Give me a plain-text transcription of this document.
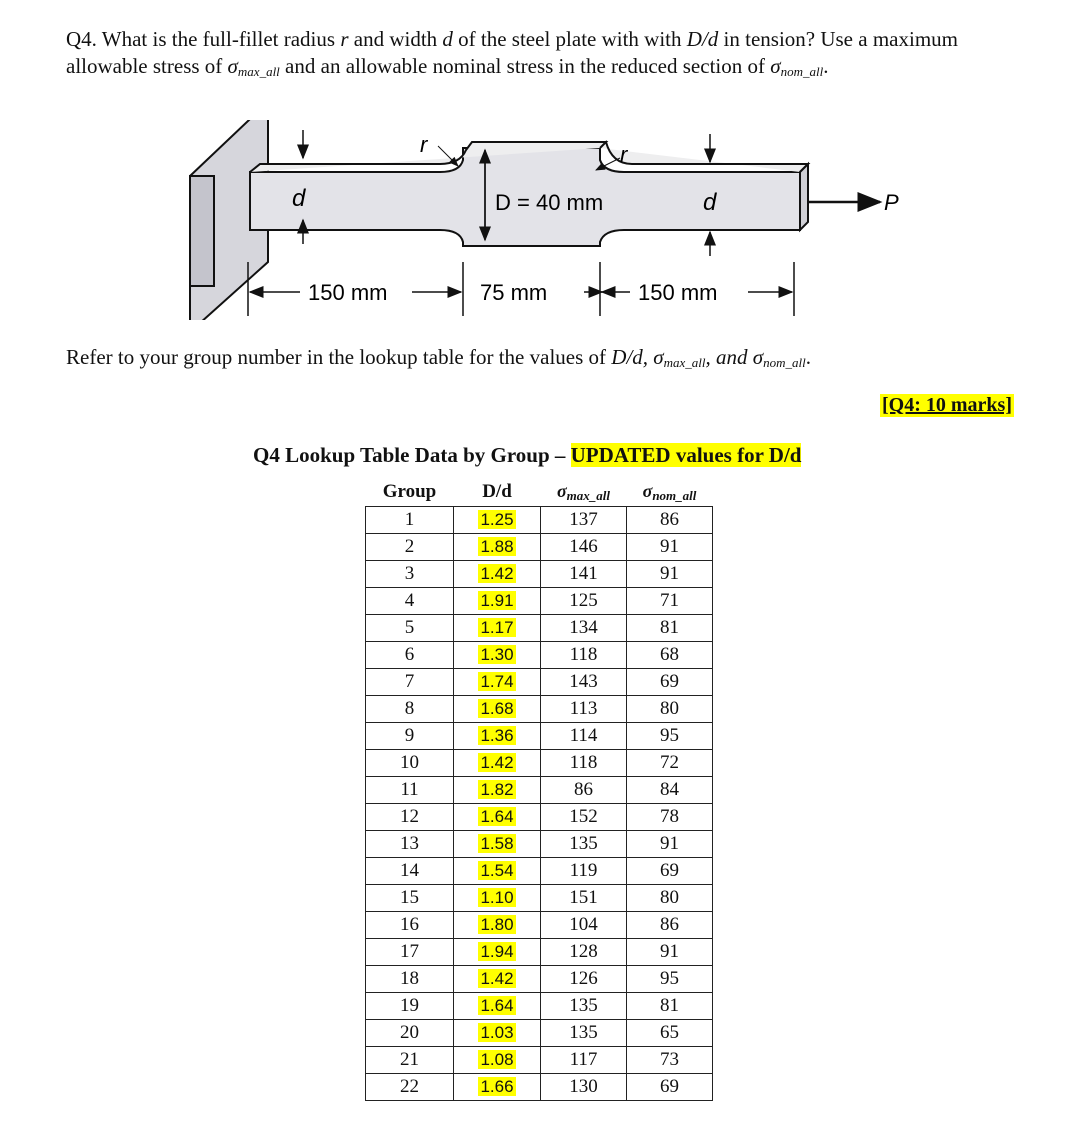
Q4. What is the full-fillet radius r and width d of the steel plate with with D/d in tension? Use a maximum allowable stress of $\sigma_{max\_all}$ and an allowable nominal stress in the reduced section of $\sigma_{nom\_all}$.
d
r
D = 40 mm
r
d	P
150 mm	75 mm	150 mm
Refer to your group number in the lookup table for the values of D/d, $\sigma_{max\_all}$, and $\sigma_{nom\_all}$.
[Q4: 10 marks]
Q4 Lookup Table Data by Group – UPDATED values for D/d
Group	D/d	$\sigma_{max\_all}$	$\sigma_{nom\_all}$
1	1.25	137	86
2	1.88	146	91
3	1.42	141	91
4	1.91	125	71
5	1.17	134	81
6	1.30	118	68
7	1.74	143	69
8	1.68	113	80
9	1.36	114	95
10	1.42	118	72
11	1.82	86	84
12	1.64	152	78
13	1.58	135	91
14	1.54	119	69
15	1.10	151	80
16	1.80	104	86
17	1.94	128	91
18	1.42	126	95
19	1.64	135	81
20	1.03	135	65
21	1.08	117	73
22	1.66	130	69
